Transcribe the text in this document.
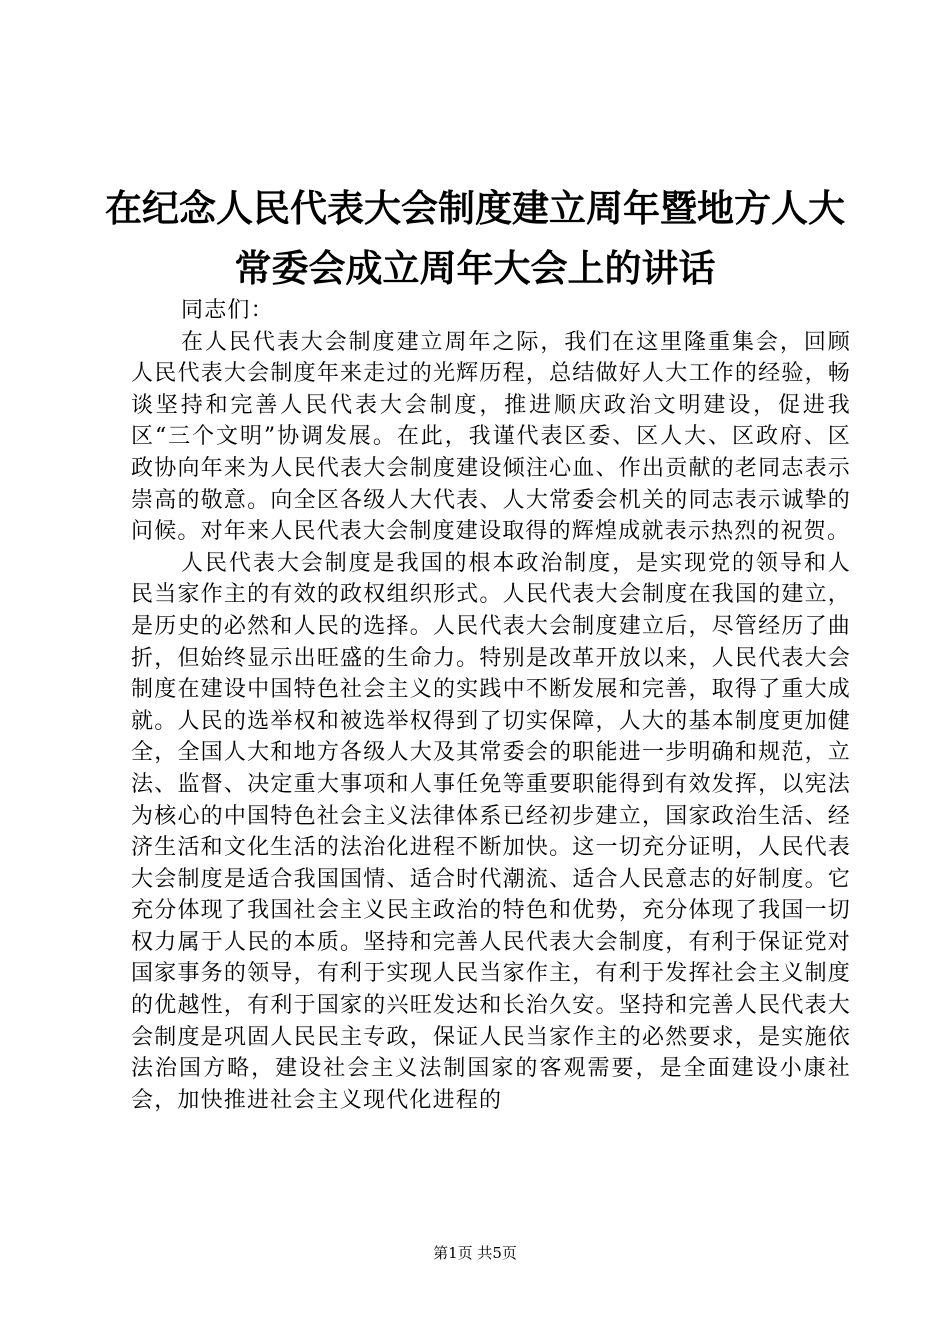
在纪念人民代表大会制度建立周年暨地方人大
常委会成立周年大会上的讲话

同志们：

在人民代表大会制度建立周年之际，我们在这里隆重集会，回顾人民代表大会制度年来走过的光辉历程，总结做好人大工作的经验，畅谈坚持和完善人民代表大会制度，推进顺庆政治文明建设，促进我区“三个文明”协调发展。在此，我谨代表区委、区人大、区政府、区政协向年来为人民代表大会制度建设倾注心血、作出贡献的老同志表示崇高的敬意。向全区各级人大代表、人大常委会机关的同志表示诚挚的问候。对年来人民代表大会制度建设取得的辉煌成就表示热烈的祝贺。

人民代表大会制度是我国的根本政治制度，是实现党的领导和人民当家作主的有效的政权组织形式。人民代表大会制度在我国的建立，是历史的必然和人民的选择。人民代表大会制度建立后，尽管经历了曲折，但始终显示出旺盛的生命力。特别是改革开放以来，人民代表大会制度在建设中国特色社会主义的实践中不断发展和完善，取得了重大成就。人民的选举权和被选举权得到了切实保障，人大的基本制度更加健全，全国人大和地方各级人大及其常委会的职能进一步明确和规范，立法、监督、决定重大事项和人事任免等重要职能得到有效发挥，以宪法为核心的中国特色社会主义法律体系已经初步建立，国家政治生活、经济生活和文化生活的法治化进程不断加快。这一切充分证明，人民代表大会制度是适合我国国情、适合时代潮流、适合人民意志的好制度。它充分体现了我国社会主义民主政治的特色和优势，充分体现了我国一切权力属于人民的本质。坚持和完善人民代表大会制度，有利于保证党对国家事务的领导，有利于实现人民当家作主，有利于发挥社会主义制度的优越性，有利于国家的兴旺发达和长治久安。坚持和完善人民代表大会制度是巩固人民民主专政，保证人民当家作主的必然要求，是实施依法治国方略，建设社会主义法制国家的客观需要，是全面建设小康社会，加快推进社会主义现代化进程的

第1页 共5页
